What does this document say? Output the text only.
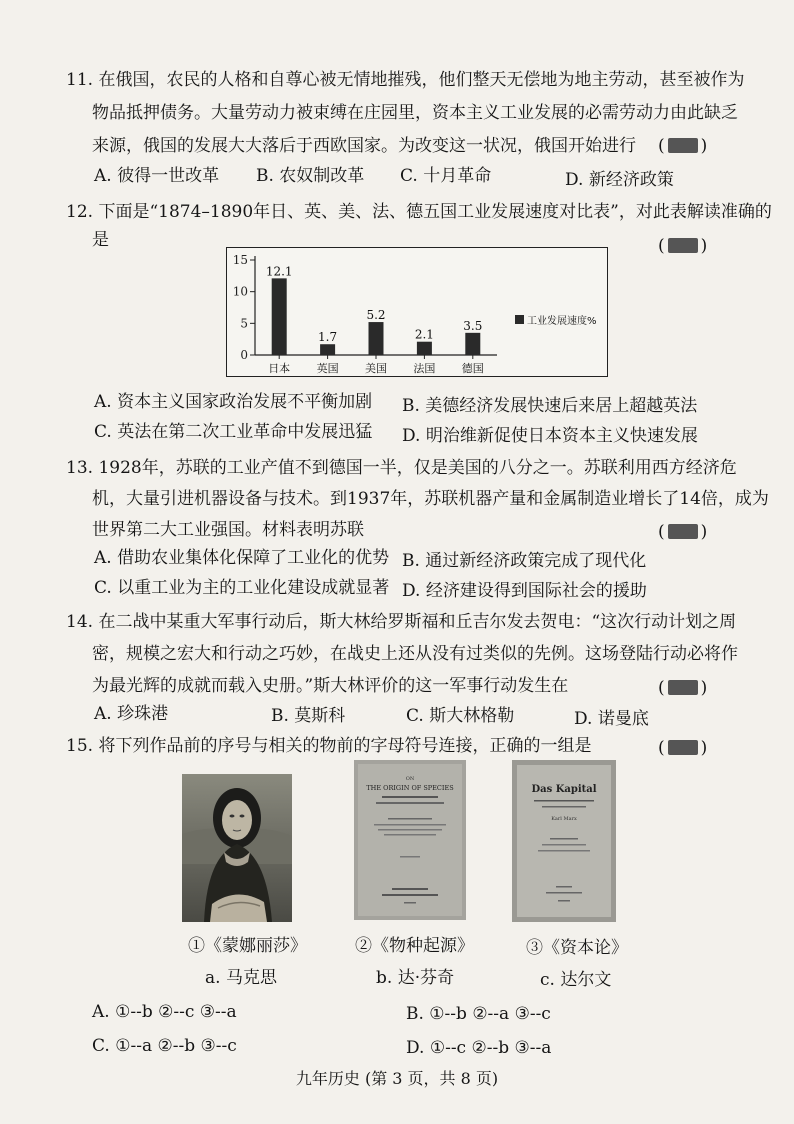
11. 在俄国，农民的人格和自尊心被无情地摧残，他们整天无偿地为地主劳动，甚至被作为
物品抵押债务。大量劳动力被束缚在庄园里，资本主义工业发展的必需劳动力由此缺乏
来源，俄国的发展大大落后于西欧国家。为改变这一状况，俄国开始进行 ( )
A. 彼得一世改革 B. 农奴制改革 C. 十月革命	D. 新经济政策
12. 下面是“1874–1890年日、英、美、法、德五国工业发展速度对比表”，对此表解读准确的
是	( )
0
5
10
15
12.1
日本
1.7
英国
5.2
美国
2.1
法国
3.5
德国
工业发展速度%
A. 资本主义国家政治发展不平衡加剧 B. 美德经济发展快速后来居上超越英法
C. 英法在第二次工业革命中发展迅猛 D. 明治维新促使日本资本主义快速发展
13. 1928年，苏联的工业产值不到德国一半，仅是美国的八分之一。苏联利用西方经济危
机，大量引进机器设备与技术。到1937年，苏联机器产量和金属制造业增长了14倍，成为
世界第二大工业强国。材料表明苏联	( )
A. 借助农业集体化保障了工业化的优势 B. 通过新经济政策完成了现代化
C. 以重工业为主的工业化建设成就显著 D. 经济建设得到国际社会的援助
14. 在二战中某重大军事行动后，斯大林给罗斯福和丘吉尔发去贺电：“这次行动计划之周
密，规模之宏大和行动之巧妙，在战史上还从没有过类似的先例。这场登陆行动必将作
为最光辉的成就而载入史册。”斯大林评价的这一军事行动发生在	( )
A. 珍珠港	B. 莫斯科	C. 斯大林格勒	D. 诺曼底
15. 将下列作品前的序号与相关的物前的字母符号连接，正确的一组是	( )
ON
THE ORIGIN OF SPECIES	Das Kapital
Karl Marx
①《蒙娜丽莎》	②《物种起源》	③《资本论》
a. 马克思	b. 达·芬奇	c. 达尔文
A. ①--b ②--c ③--a	B. ①--b ②--a ③--c
C. ①--a ②--b ③--c	D. ①--c ②--b ③--a
九年历史 (第 3 页，共 8 页)
